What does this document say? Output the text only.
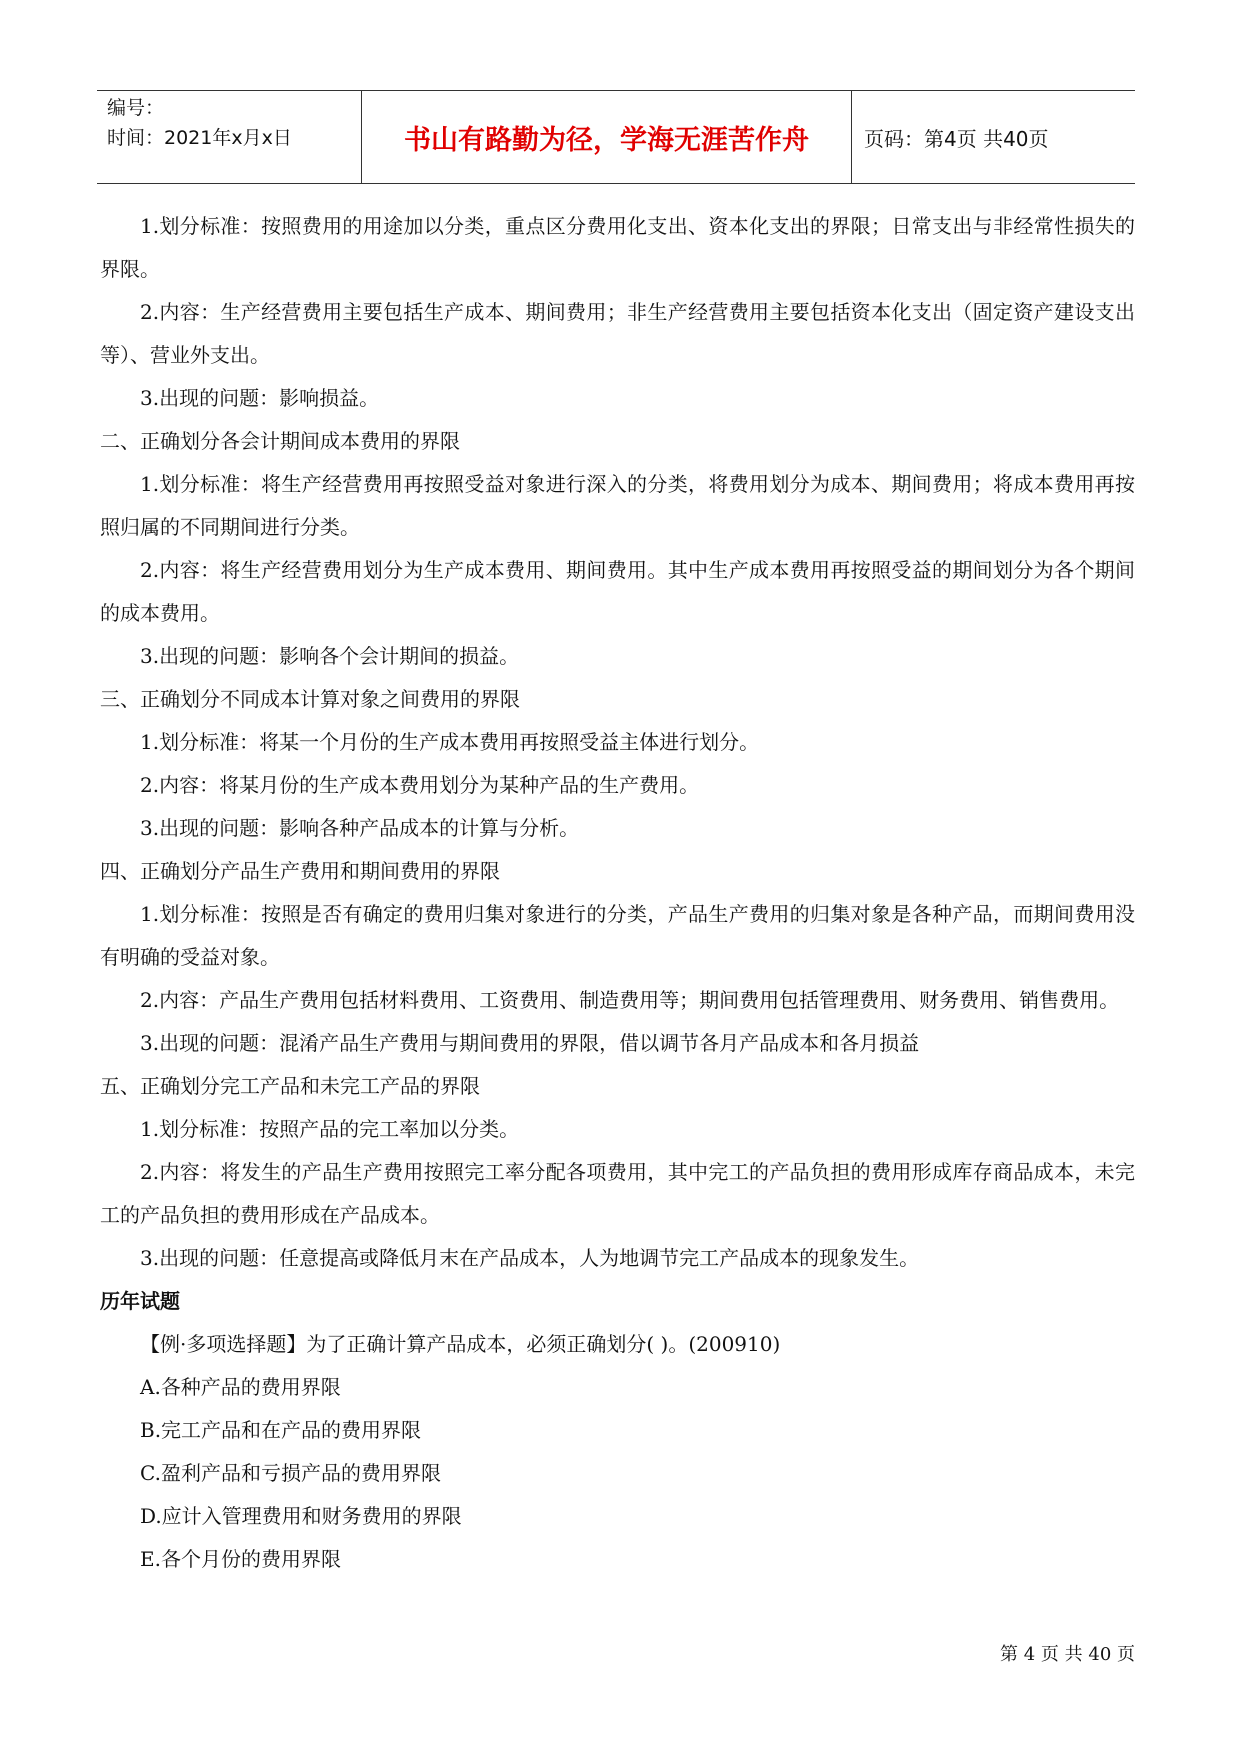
编号：
时间：2021年x月x日	书山有路勤为径，学海无涯苦作舟	页码：第4页 共40页

1.划分标准：按照费用的用途加以分类，重点区分费用化支出、资本化支出的界限；日常支出与非经常性损失的界限。

2.内容：生产经营费用主要包括生产成本、期间费用；非生产经营费用主要包括资本化支出（固定资产建设支出等）、营业外支出。

3.出现的问题：影响损益。

二、正确划分各会计期间成本费用的界限

1.划分标准：将生产经营费用再按照受益对象进行深入的分类，将费用划分为成本、期间费用；将成本费用再按照归属的不同期间进行分类。

2.内容：将生产经营费用划分为生产成本费用、期间费用。其中生产成本费用再按照受益的期间划分为各个期间的成本费用。

3.出现的问题：影响各个会计期间的损益。

三、正确划分不同成本计算对象之间费用的界限

1.划分标准：将某一个月份的生产成本费用再按照受益主体进行划分。

2.内容：将某月份的生产成本费用划分为某种产品的生产费用。

3.出现的问题：影响各种产品成本的计算与分析。

四、正确划分产品生产费用和期间费用的界限

1.划分标准：按照是否有确定的费用归集对象进行的分类，产品生产费用的归集对象是各种产品，而期间费用没有明确的受益对象。

2.内容：产品生产费用包括材料费用、工资费用、制造费用等；期间费用包括管理费用、财务费用、销售费用。

3.出现的问题：混淆产品生产费用与期间费用的界限，借以调节各月产品成本和各月损益

五、正确划分完工产品和未完工产品的界限

1.划分标准：按照产品的完工率加以分类。

2.内容：将发生的产品生产费用按照完工率分配各项费用，其中完工的产品负担的费用形成库存商品成本，未完工的产品负担的费用形成在产品成本。

3.出现的问题：任意提高或降低月末在产品成本，人为地调节完工产品成本的现象发生。

历年试题

【例·多项选择题】为了正确计算产品成本，必须正确划分( )。(200910)

A.各种产品的费用界限

B.完工产品和在产品的费用界限

C.盈利产品和亏损产品的费用界限

D.应计入管理费用和财务费用的界限

E.各个月份的费用界限

第 4 页 共 40 页
